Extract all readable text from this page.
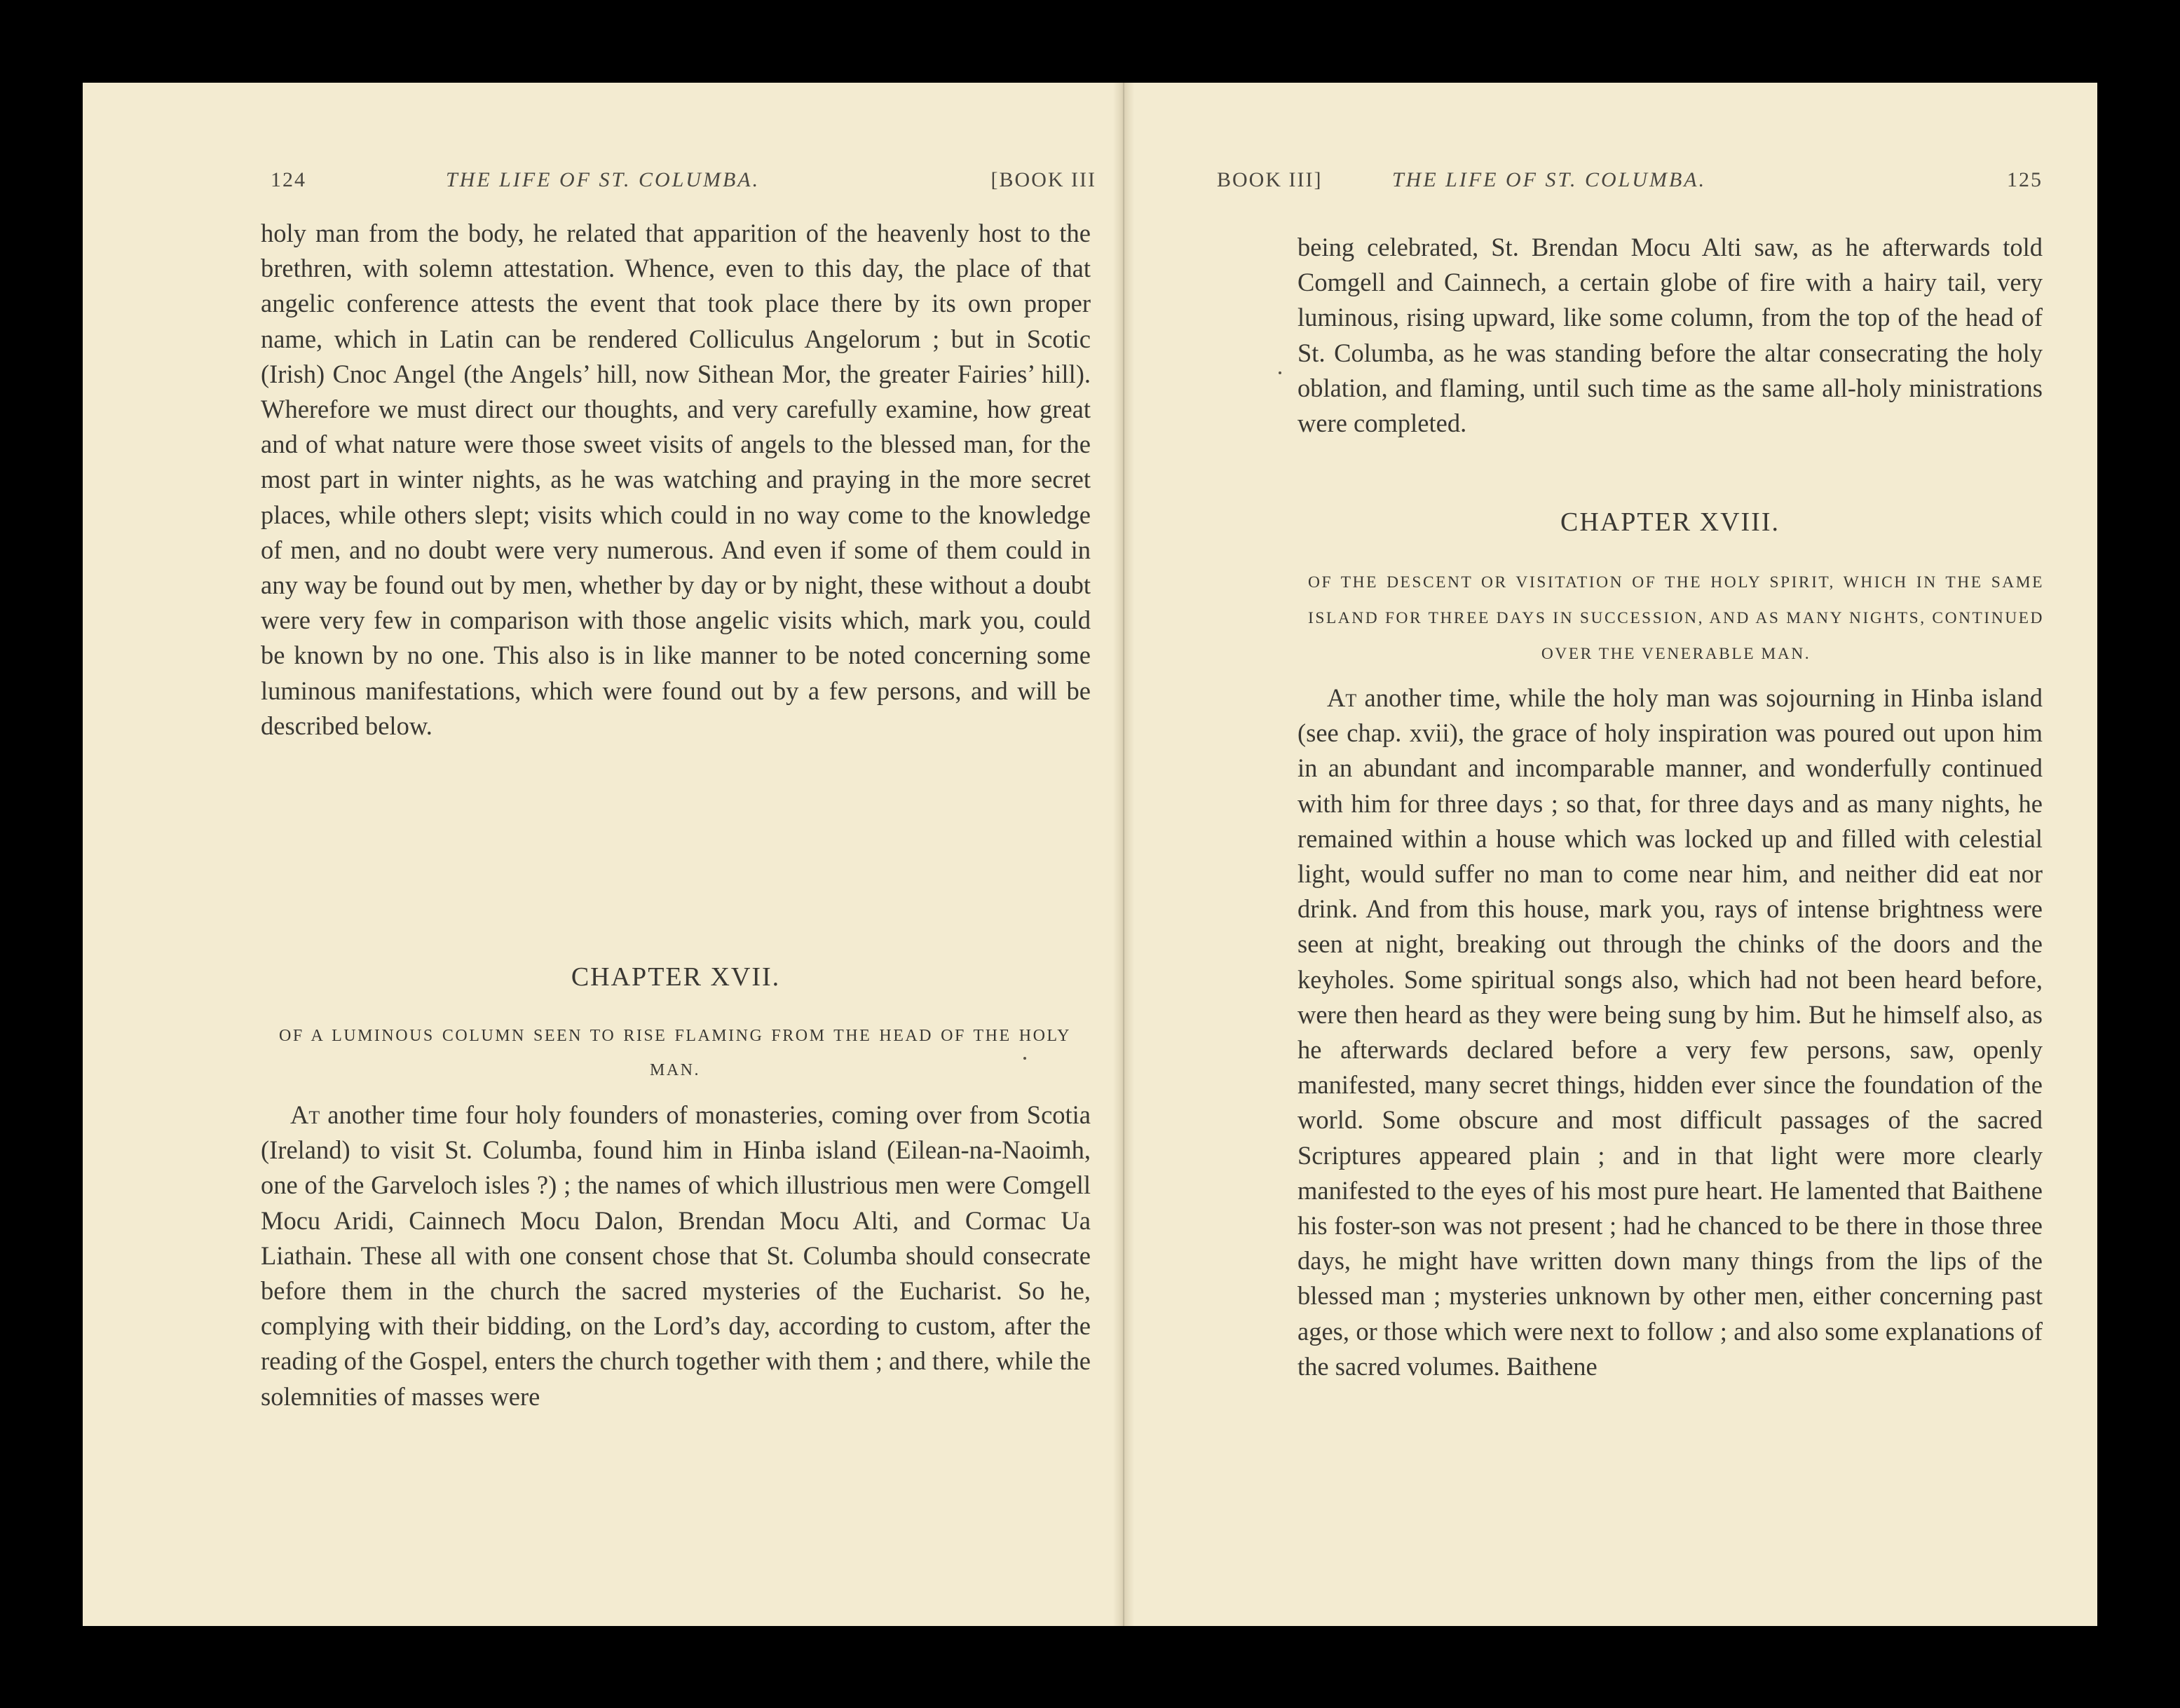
124	THE LIFE OF ST. COLUMBA.	[BOOK III

holy man from the body, he related that apparition of the heavenly host to the brethren, with solemn attestation. Whence, even to this day, the place of that angelic conference attests the event that took place there by its own proper name, which in Latin can be rendered Colliculus Angelorum ; but in Scotic (Irish) Cnoc Angel (the Angels’ hill, now Sithean Mor, the greater Fairies’ hill). Wherefore we must direct our thoughts, and very carefully examine, how great and of what nature were those sweet visits of angels to the blessed man, for the most part in winter nights, as he was watching and praying in the more secret places, while others slept; visits which could in no way come to the knowledge of men, and no doubt were very numerous. And even if some of them could in any way be found out by men, whether by day or by night, these without a doubt were very few in comparison with those angelic visits which, mark you, could be known by no one. This also is in like manner to be noted concerning some luminous manifestations, which were found out by a few persons, and will be described below.

CHAPTER XVII.
OF A LUMINOUS COLUMN SEEN TO RISE FLAMING FROM THE HEAD OF THE HOLY MAN.

At another time four holy founders of monasteries, coming over from Scotia (Ireland) to visit St. Columba, found him in Hinba island (Eilean-na-Naoimh, one of the Garveloch isles ?) ; the names of which illustrious men were Comgell Mocu Aridi, Cainnech Mocu Dalon, Brendan Mocu Alti, and Cormac Ua Liathain. These all with one consent chose that St. Columba should consecrate before them in the church the sacred mysteries of the Eucharist. So he, complying with their bidding, on the Lord’s day, according to custom, after the reading of the Gospel, enters the church together with them ; and there, while the solemnities of masses were

BOOK III]	THE LIFE OF ST. COLUMBA.	125

being celebrated, St. Brendan Mocu Alti saw, as he afterwards told Comgell and Cainnech, a certain globe of fire with a hairy tail, very luminous, rising upward, like some column, from the top of the head of St. Columba, as he was standing before the altar consecrating the holy oblation, and flaming, until such time as the same all-holy ministrations were completed.

CHAPTER XVIII.
OF THE DESCENT OR VISITATION OF THE HOLY SPIRIT, WHICH IN THE SAME ISLAND FOR THREE DAYS IN SUCCESSION, AND AS MANY NIGHTS, CONTINUED OVER THE VENERABLE MAN.

At another time, while the holy man was sojourning in Hinba island (see chap. xvii), the grace of holy inspiration was poured out upon him in an abundant and incomparable manner, and wonderfully continued with him for three days ; so that, for three days and as many nights, he remained within a house which was locked up and filled with celestial light, would suffer no man to come near him, and neither did eat nor drink. And from this house, mark you, rays of intense brightness were seen at night, breaking out through the chinks of the doors and the keyholes. Some spiritual songs also, which had not been heard before, were then heard as they were being sung by him. But he himself also, as he afterwards declared before a very few persons, saw, openly manifested, many secret things, hidden ever since the foundation of the world. Some obscure and most difficult passages of the sacred Scriptures appeared plain ; and in that light were more clearly manifested to the eyes of his most pure heart. He lamented that Baithene his foster-son was not present ; had he chanced to be there in those three days, he might have written down many things from the lips of the blessed man ; mysteries unknown by other men, either concerning past ages, or those which were next to follow ; and also some explanations of the sacred volumes. Baithene
